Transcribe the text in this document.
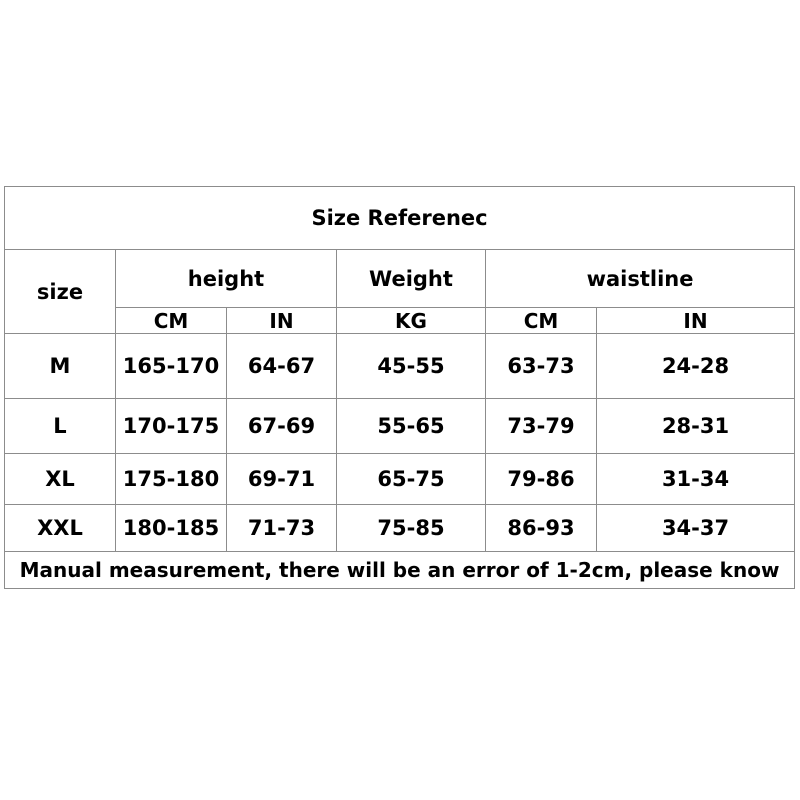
Size Referenec					
size	height		Weight	waistline	
	CM	IN	KG	CM	IN
M	165-170	64-67	45-55	63-73	24-28
L	170-175	67-69	55-65	73-79	28-31
XL	175-180	69-71	65-75	79-86	31-34
XXL	180-185	71-73	75-85	86-93	34-37
Manual measurement, there will be an error of 1-2cm, please know					
